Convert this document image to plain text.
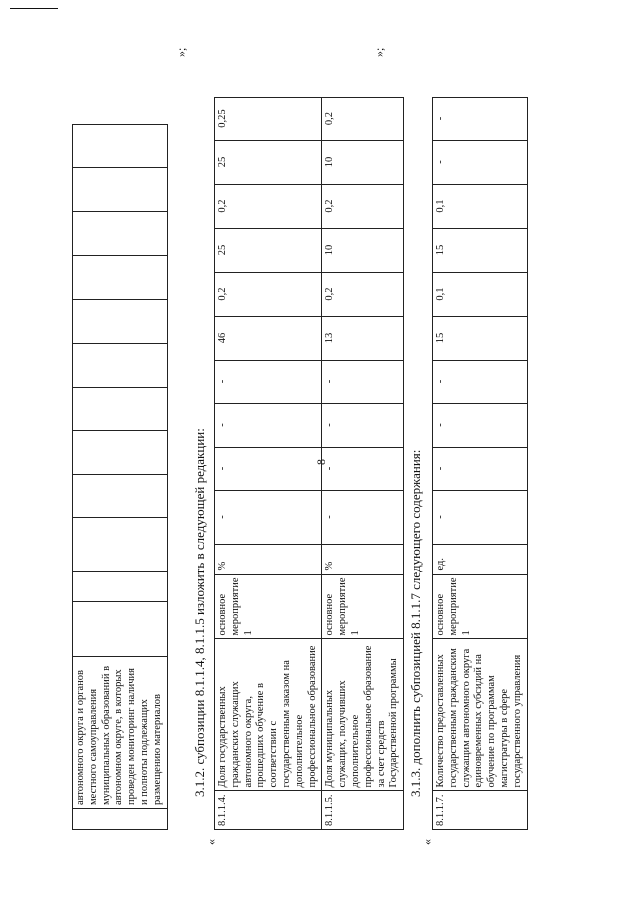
8
	автономного округа и органов местного самоуправления муниципальных образований в автономном округе, в которых проведен мониторинг наличия и полноты подлежащих размещению материалов												
»;
3.1.2. субпозиции 8.1.1.4, 8.1.1.5 изложить в следующей редакции:
«
8.1.1.4.	Доля государственных гражданских служащих автономного округа, прошедших обучение в соответствии с государственным заказом на дополнительное профессиональное образование	основное мероприятие 1	%	-	-	-	-	46	0,2	25	0,2	25	0,25
8.1.1.5.	Доля муниципальных служащих, получивших дополнительное профессиональное образование за счет средств Государственной программы	основное мероприятие 1	%	-	-	-	-	13	0,2	10	0,2	10	0,2
»;
3.1.3. дополнить субпозицией 8.1.1.7 следующего содержания:
«
8.1.1.7.	Количество предоставленных государственным гражданским служащим автономного округа единовременных субсидий на обучение по программам магистратуры в сфере государственного управления	основное мероприятие 1	ед.	-	-	-	-	15	0,1	15	0,1	-	-
